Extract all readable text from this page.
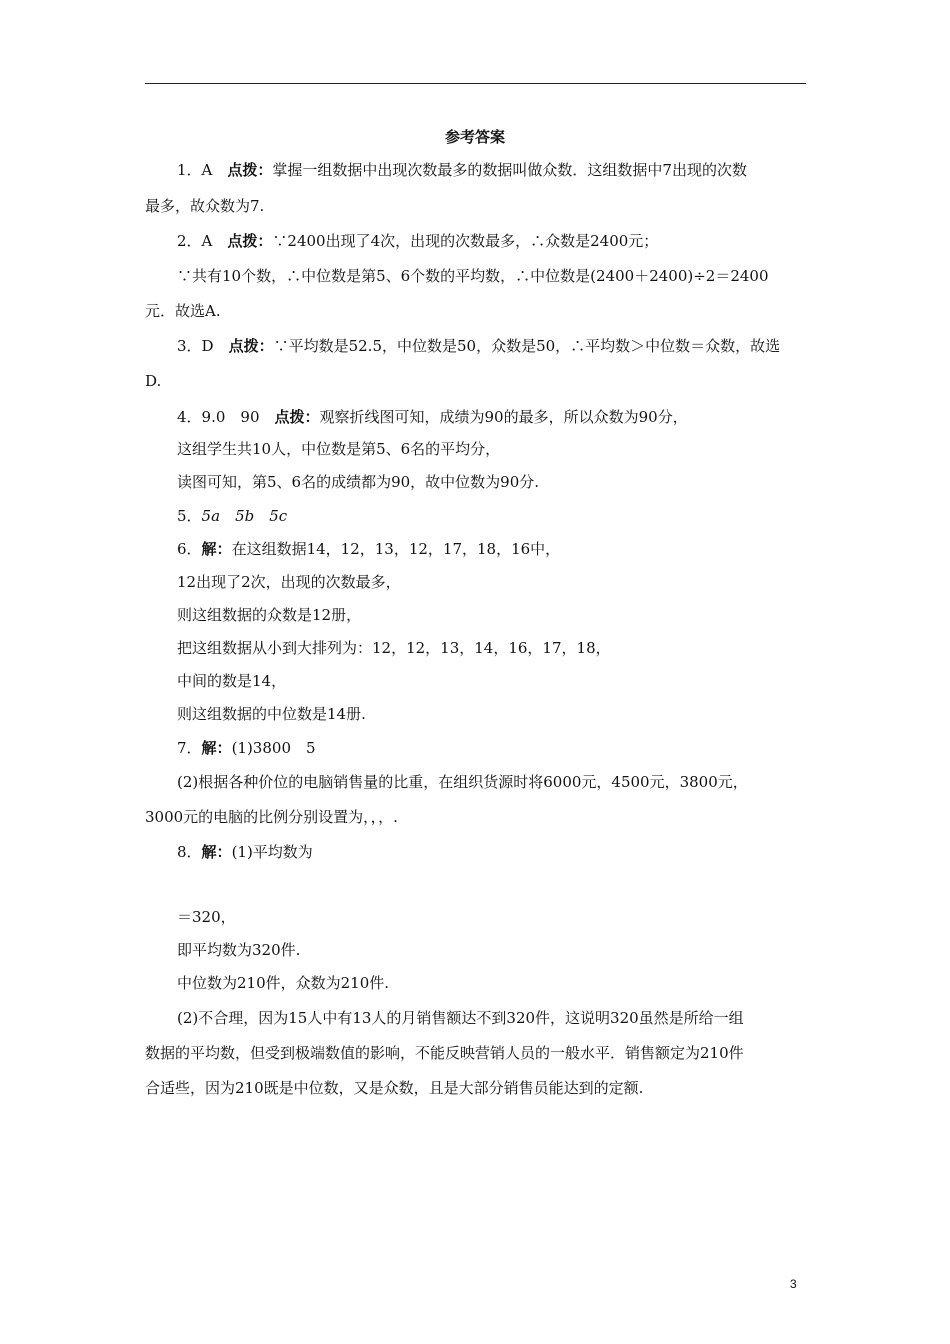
参考答案
1．A　点拨：掌握一组数据中出现次数最多的数据叫做众数．这组数据中7出现的次数
最多，故众数为7.
2．A　点拨：∵2400出现了4次，出现的次数最多，∴众数是2400元；
∵共有10个数，∴中位数是第5、6个数的平均数，∴中位数是(2400＋2400)÷2＝2400
元．故选A.
3．D　点拨：∵平均数是52.5，中位数是50，众数是50，∴平均数＞中位数＝众数，故选
D.
4．9.0　90　点拨：观察折线图可知，成绩为90的最多，所以众数为90分，
这组学生共10人，中位数是第5、6名的平均分，
读图可知，第5、6名的成绩都为90，故中位数为90分.
5．5a　 5b　 5c
6．解：在这组数据14，12，13，12，17，18，16中，
12出现了2次，出现的次数最多，
则这组数据的众数是12册，
把这组数据从小到大排列为：12，12，13，14，16，17，18，
中间的数是14，
则这组数据的中位数是14册.
7．解：(1)3800　5
(2)根据各种价位的电脑销售量的比重，在组织货源时将6000元，4500元，3800元，
3000元的电脑的比例分别设置为，，，.
8．解：(1)平均数为
＝320，
即平均数为320件.
中位数为210件，众数为210件.
(2)不合理，因为15人中有13人的月销售额达不到320件，这说明320虽然是所给一组
数据的平均数，但受到极端数值的影响，不能反映营销人员的一般水平．销售额定为210件
合适些，因为210既是中位数，又是众数，且是大部分销售员能达到的定额.
3
